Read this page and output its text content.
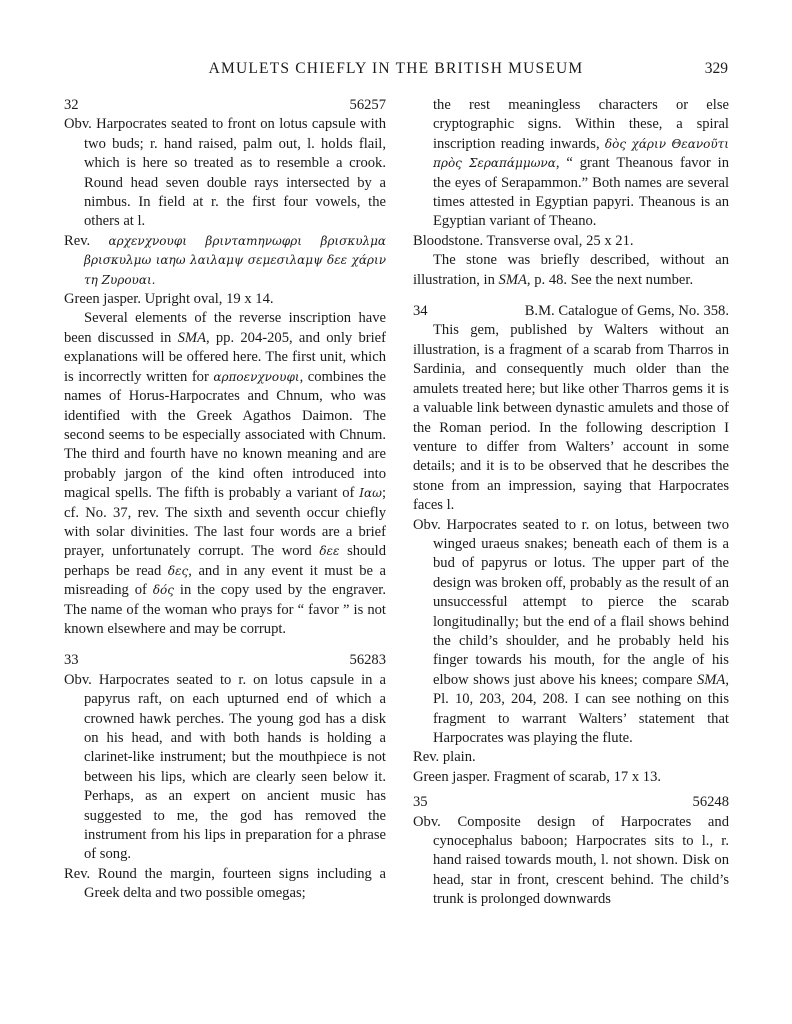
AMULETS CHIEFLY IN THE BRITISH MUSEUM	329
32	56257

Obv. Harpocrates seated to front on lotus capsule with two buds; r. hand raised, palm out, l. holds flail, which is here so treated as to resemble a crook. Round head seven double rays intersected by a nimbus. In field at r. the first four vowels, the others at l.

Rev. αρχενχνουφι βρινταтηνωφρι βρισκυλμα βρισκυλμω ιαηω λαιλαμψ σεμεσιλαμψ δεε χάριν τη Ζυρουαι.

Green jasper. Upright oval, 19 x 14.

Several elements of the reverse inscription have been discussed in SMA, pp. 204-205, and only brief explanations will be offered here. The first unit, which is incorrectly written for αρποενχνουφι, combines the names of Horus-Harpocrates and Chnum, who was identified with the Greek Agathos Daimon. The second seems to be especially associated with Chnum. The third and fourth have no known meaning and are probably jargon of the kind often introduced into magical spells. The fifth is probably a variant of Ιαω; cf. No. 37, rev. The sixth and seventh occur chiefly with solar divinities. The last four words are a brief prayer, unfortunately corrupt. The word δεε should perhaps be read δες, and in any event it must be a misreading of δός in the copy used by the engraver. The name of the woman who prays for “ favor ” is not known elsewhere and may be corrupt.

33	56283

Obv. Harpocrates seated to r. on lotus capsule in a papyrus raft, on each upturned end of which a crowned hawk perches. The young god has a disk on his head, and with both hands is holding a clarinet-like instrument; but the mouthpiece is not between his lips, which are clearly seen below it. Perhaps, as an expert on ancient music has suggested to me, the god has removed the instrument from his lips in preparation for a phrase of song.

Rev. Round the margin, fourteen signs including a Greek delta and two possible omegas;

the rest meaningless characters or else cryptographic signs. Within these, a spiral inscription reading inwards, δὸς χάριν Θεανοῦτι πρὸς Σεραπάμμωνα, “ grant Theanous favor in the eyes of Serapammon.” Both names are several times attested in Egyptian papyri. Theanous is an Egyptian variant of Theano.

Bloodstone. Transverse oval, 25 x 21.

The stone was briefly described, without an illustration, in SMA, p. 48. See the next number.

34	B.M. Catalogue of Gems, No. 358.

This gem, published by Walters without an illustration, is a fragment of a scarab from Tharros in Sardinia, and consequently much older than the amulets treated here; but like other Tharros gems it is a valuable link between dynastic amulets and those of the Roman period. In the following description I venture to differ from Walters’ account in some details; and it is to be observed that he describes the stone from an impression, saying that Harpocrates faces l.

Obv. Harpocrates seated to r. on lotus, between two winged uraeus snakes; beneath each of them is a bud of papyrus or lotus. The upper part of the design was broken off, probably as the result of an unsuccessful attempt to pierce the scarab longitudinally; but the end of a flail shows behind the child’s shoulder, and he probably held his finger towards his mouth, for the angle of his elbow shows just above his knees; compare SMA, Pl. 10, 203, 204, 208. I can see nothing on this fragment to warrant Walters’ statement that Harpocrates was playing the flute.

Rev. plain.

Green jasper. Fragment of scarab, 17 x 13.

35	56248

Obv. Composite design of Harpocrates and cynocephalus baboon; Harpocrates sits to l., r. hand raised towards mouth, l. not shown. Disk on head, star in front, crescent behind. The child’s trunk is prolonged downwards
